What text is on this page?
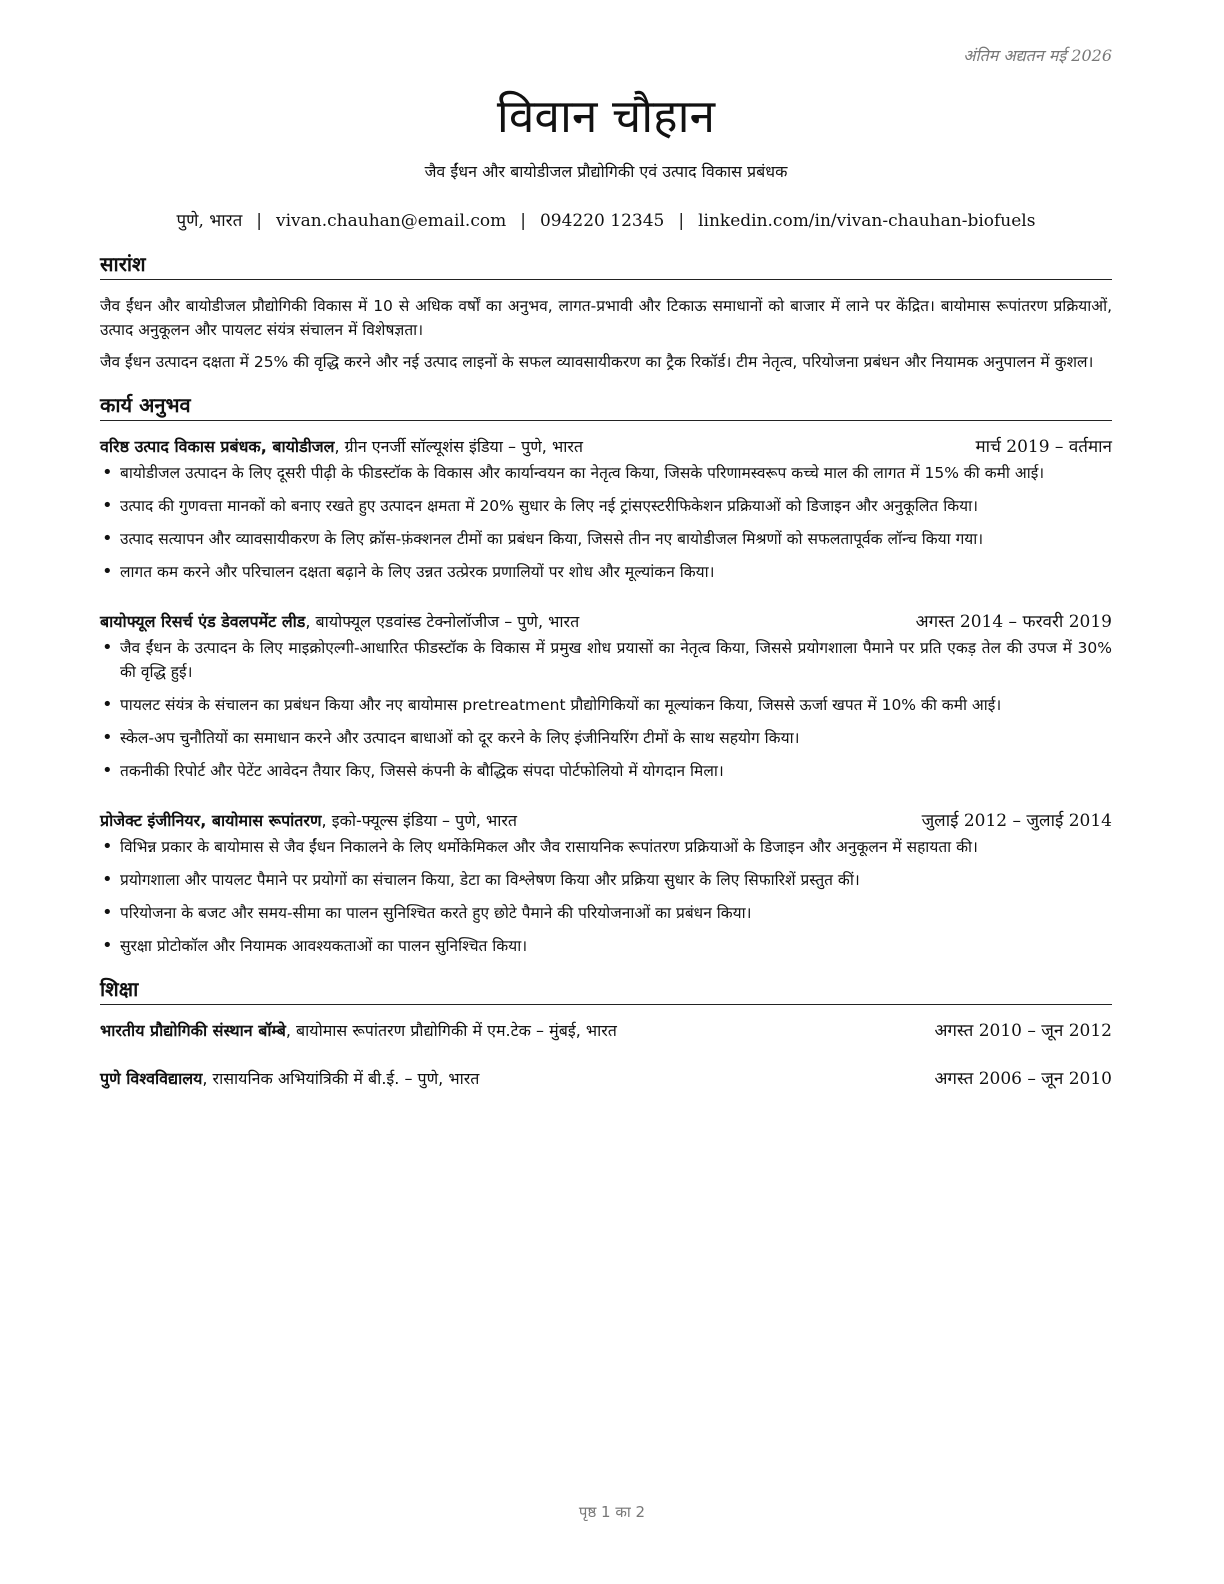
अंतिम अद्यतन मई 2026
विवान चौहान
जैव ईंधन और बायोडीजल प्रौद्योगिकी एवं उत्पाद विकास प्रबंधक
पुणे, भारत | vivan.chauhan@email.com | 094220 12345 | linkedin.com/in/vivan-chauhan-biofuels
सारांश

जैव ईंधन और बायोडीजल प्रौद्योगिकी विकास में 10 से अधिक वर्षों का अनुभव, लागत-प्रभावी और टिकाऊ समाधानों को बाजार में लाने पर केंद्रित। बायोमास रूपांतरण प्रक्रियाओं, उत्पाद अनुकूलन और पायलट संयंत्र संचालन में विशेषज्ञता।

जैव ईंधन उत्पादन दक्षता में 25% की वृद्धि करने और नई उत्पाद लाइनों के सफल व्यावसायीकरण का ट्रैक रिकॉर्ड। टीम नेतृत्व, परियोजना प्रबंधन और नियामक अनुपालन में कुशल।

कार्य अनुभव
वरिष्ठ उत्पाद विकास प्रबंधक, बायोडीजल, ग्रीन एनर्जी सॉल्यूशंस इंडिया – पुणे, भारत	मार्च 2019 – वर्तमान
• बायोडीजल उत्पादन के लिए दूसरी पीढ़ी के फीडस्टॉक के विकास और कार्यान्वयन का नेतृत्व किया, जिसके परिणामस्वरूप कच्चे माल की लागत में 15% की कमी आई।
• उत्पाद की गुणवत्ता मानकों को बनाए रखते हुए उत्पादन क्षमता में 20% सुधार के लिए नई ट्रांसएस्टरीफिकेशन प्रक्रियाओं को डिजाइन और अनुकूलित किया।
• उत्पाद सत्यापन और व्यावसायीकरण के लिए क्रॉस-फ़ंक्शनल टीमों का प्रबंधन किया, जिससे तीन नए बायोडीजल मिश्रणों को सफलतापूर्वक लॉन्च किया गया।
• लागत कम करने और परिचालन दक्षता बढ़ाने के लिए उन्नत उत्प्रेरक प्रणालियों पर शोध और मूल्यांकन किया।
बायोफ्यूल रिसर्च एंड डेवलपमेंट लीड, बायोफ्यूल एडवांस्ड टेक्नोलॉजीज – पुणे, भारत	अगस्त 2014 – फरवरी 2019
• जैव ईंधन के उत्पादन के लिए माइक्रोएल्गी-आधारित फीडस्टॉक के विकास में प्रमुख शोध प्रयासों का नेतृत्व किया, जिससे प्रयोगशाला पैमाने पर प्रति एकड़ तेल की उपज में 30% की वृद्धि हुई।
• पायलट संयंत्र के संचालन का प्रबंधन किया और नए बायोमास pretreatment प्रौद्योगिकियों का मूल्यांकन किया, जिससे ऊर्जा खपत में 10% की कमी आई।
• स्केल-अप चुनौतियों का समाधान करने और उत्पादन बाधाओं को दूर करने के लिए इंजीनियरिंग टीमों के साथ सहयोग किया।
• तकनीकी रिपोर्ट और पेटेंट आवेदन तैयार किए, जिससे कंपनी के बौद्धिक संपदा पोर्टफोलियो में योगदान मिला।
प्रोजेक्ट इंजीनियर, बायोमास रूपांतरण, इको-फ्यूल्स इंडिया – पुणे, भारत	जुलाई 2012 – जुलाई 2014
• विभिन्न प्रकार के बायोमास से जैव ईंधन निकालने के लिए थर्मोकेमिकल और जैव रासायनिक रूपांतरण प्रक्रियाओं के डिजाइन और अनुकूलन में सहायता की।
• प्रयोगशाला और पायलट पैमाने पर प्रयोगों का संचालन किया, डेटा का विश्लेषण किया और प्रक्रिया सुधार के लिए सिफारिशें प्रस्तुत कीं।
• परियोजना के बजट और समय-सीमा का पालन सुनिश्चित करते हुए छोटे पैमाने की परियोजनाओं का प्रबंधन किया।
• सुरक्षा प्रोटोकॉल और नियामक आवश्यकताओं का पालन सुनिश्चित किया।
शिक्षा
भारतीय प्रौद्योगिकी संस्थान बॉम्बे, बायोमास रूपांतरण प्रौद्योगिकी में एम.टेक – मुंबई, भारत	अगस्त 2010 – जून 2012
पुणे विश्वविद्यालय, रासायनिक अभियांत्रिकी में बी.ई. – पुणे, भारत	अगस्त 2006 – जून 2010
पृष्ठ 1 का 2
